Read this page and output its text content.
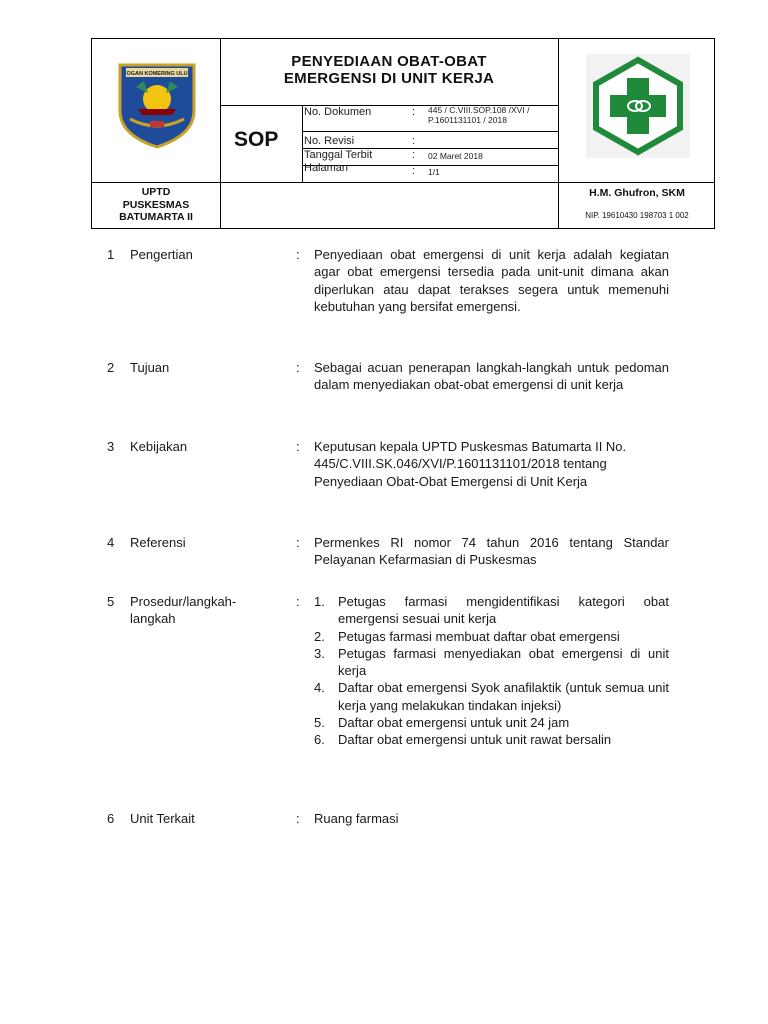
OGAN KOMERING ULU
PENYEDIAAN OBAT-OBAT
EMERGENSI DI UNIT KERJA
SOP
No. Dokumen	: 445 / C.VIII.SOP.108 /XVI / P.1601131101 / 2018
No. Revisi	:
Tanggal Terbit	: 02 Maret 2018
Halaman	: 1/1
UPTD
PUSKESMAS
BATUMARTA II
H.M. Ghufron, SKM
NIP. 19610430 198703 1 002
1 Pengertian	: Penyediaan obat emergensi di unit kerja adalah kegiatan agar obat emergensi tersedia pada unit-unit dimana akan diperlukan atau dapat terakses segera untuk memenuhi kebutuhan yang bersifat emergensi.
2 Tujuan	: Sebagai acuan penerapan langkah-langkah untuk pedoman dalam menyediakan obat-obat emergensi di unit kerja
3 Kebijakan	: Keputusan kepala UPTD Puskesmas Batumarta II No. 445/C.VIII.SK.046/XVI/P.1601131101/2018 tentang Penyediaan Obat-Obat Emergensi di Unit Kerja
4 Referensi	: Permenkes RI nomor 74 tahun 2016 tentang Standar Pelayanan Kefarmasian di Puskesmas
5 Prosedur/langkah-langkah
: 1. Petugas farmasi mengidentifikasi kategori obat emergensi sesuai unit kerja
2. Petugas farmasi membuat daftar obat emergensi
3. Petugas farmasi menyediakan obat emergensi di unit kerja
4. Daftar obat emergensi Syok anafilaktik (untuk semua unit kerja yang melakukan tindakan injeksi)
5. Daftar obat emergensi untuk unit 24 jam
6. Daftar obat emergensi untuk unit rawat bersalin
6 Unit Terkait	: Ruang farmasi
